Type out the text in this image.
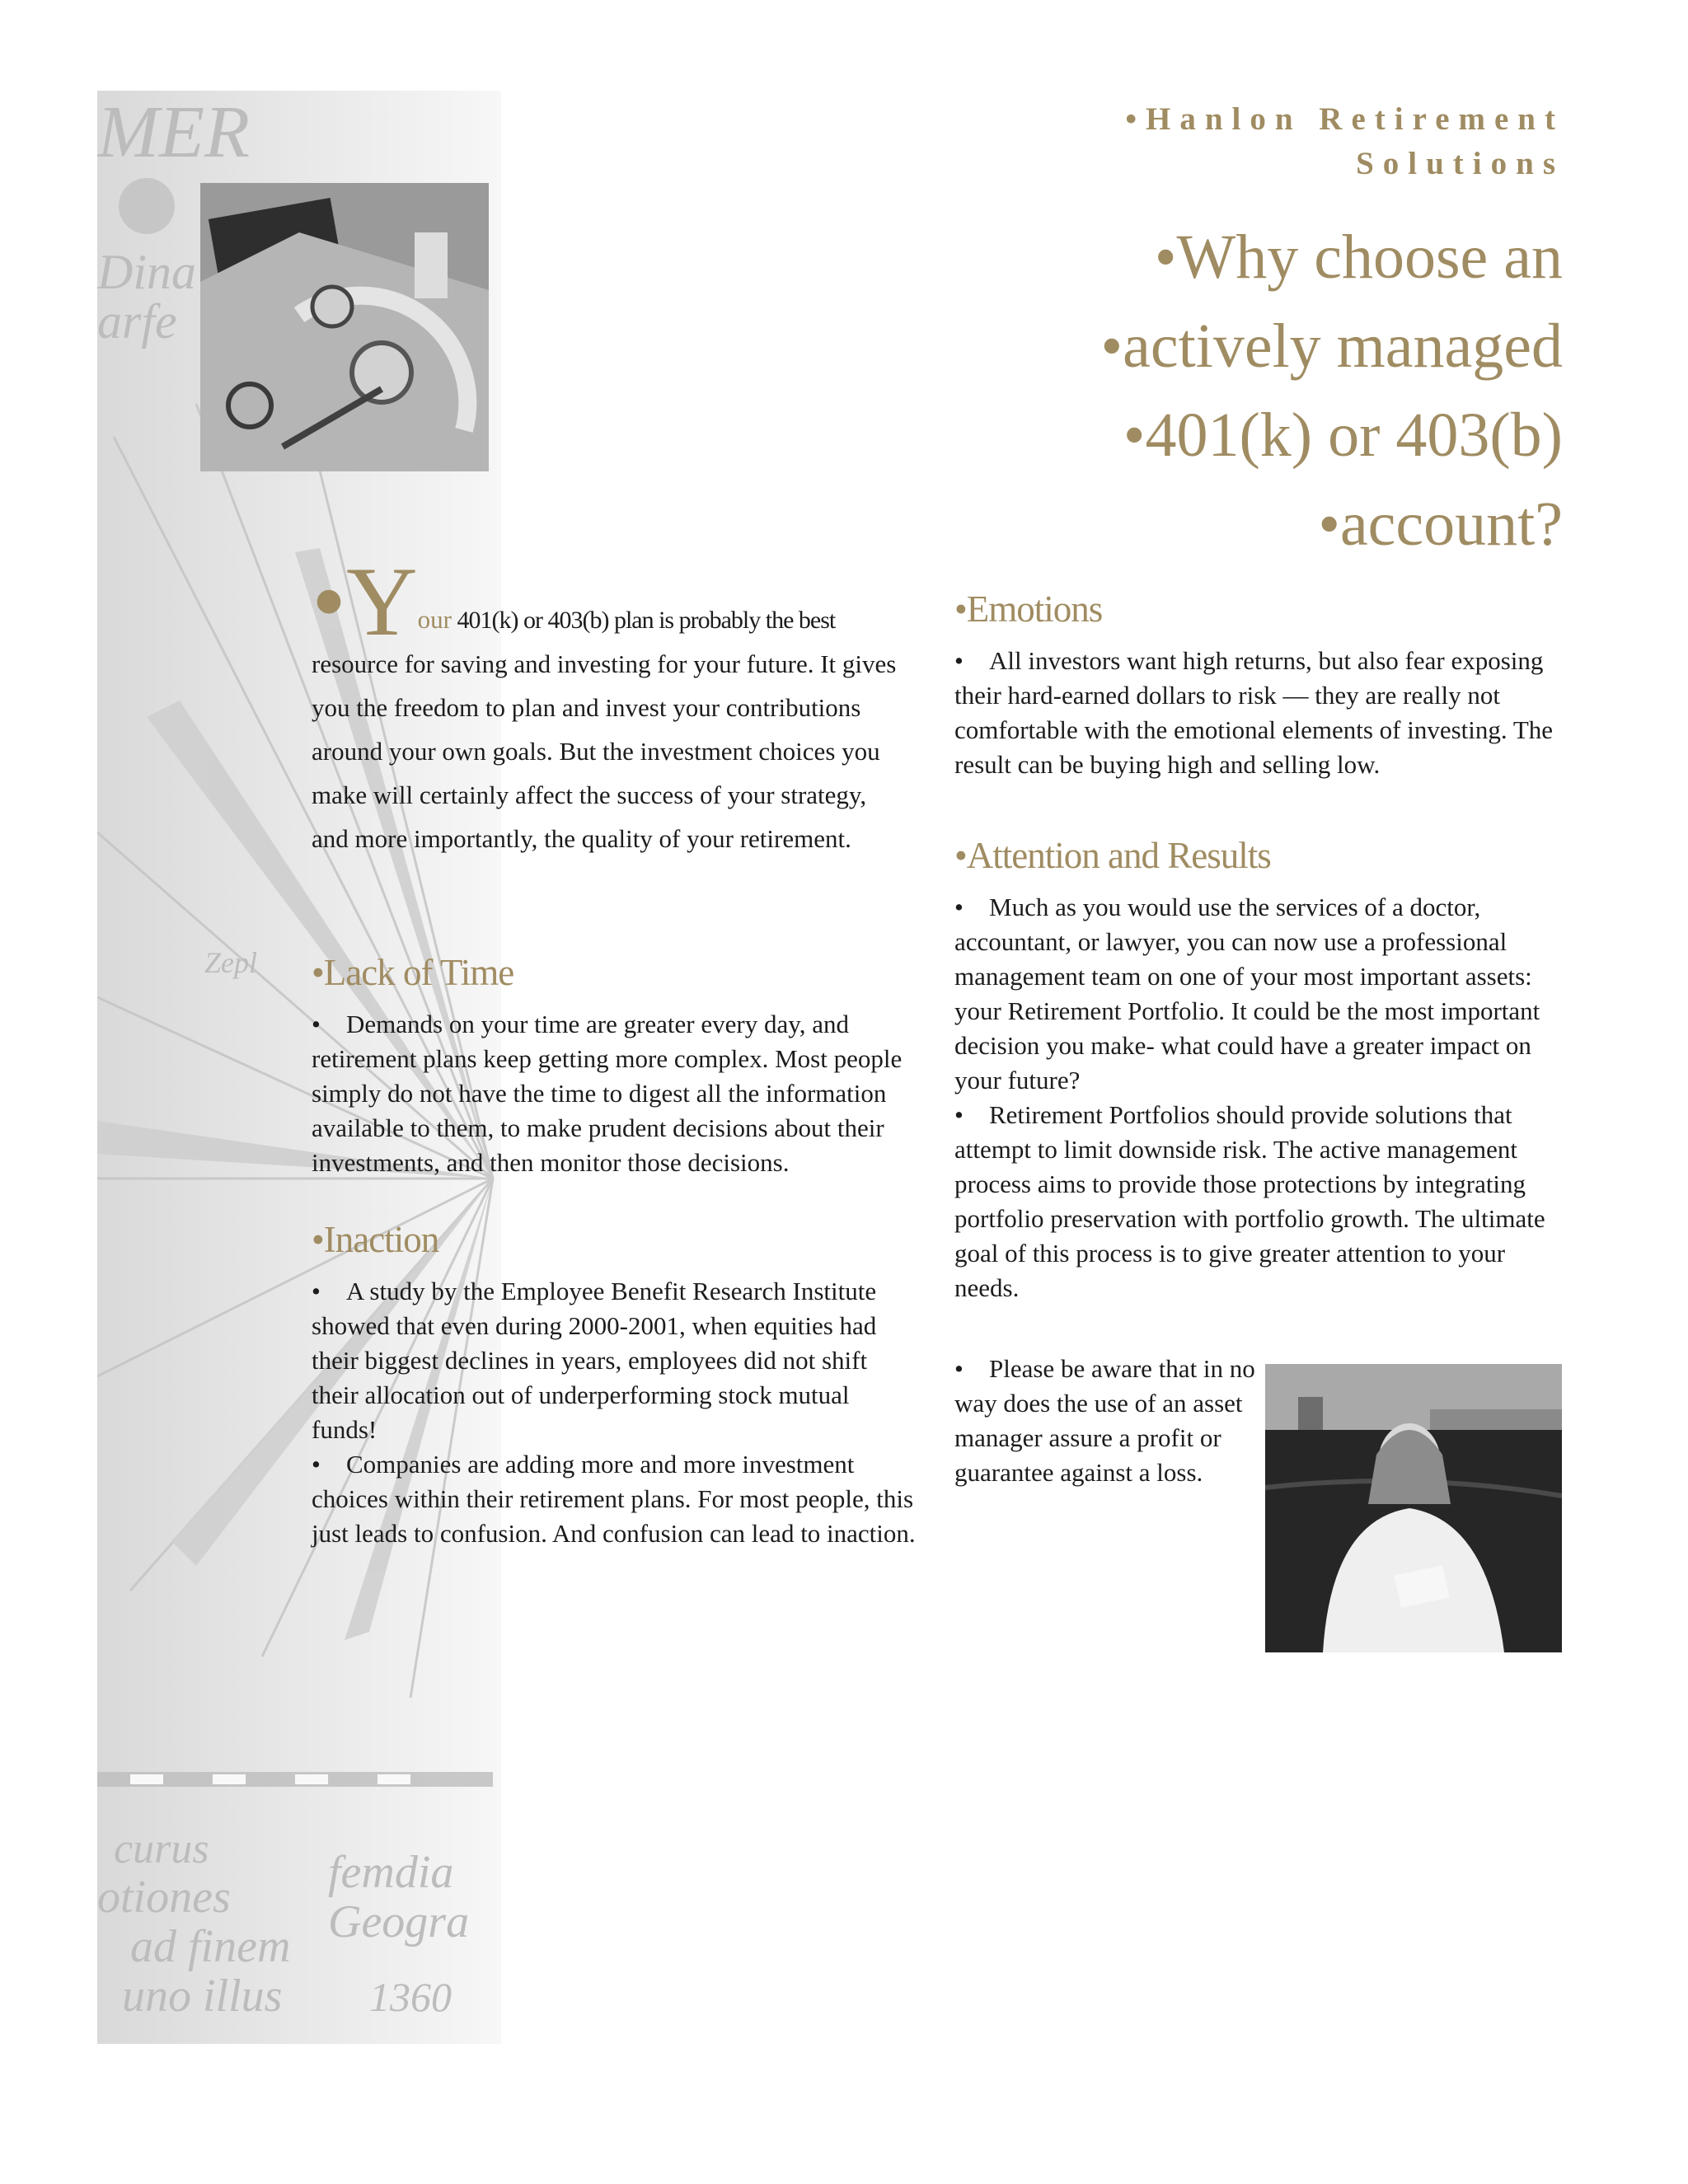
MER
Dina
arfe
Zepl
curus
otiones
ad finem
uno illus
femdia
Geogra
1360
•Hanlon Retirement
Solutions
•Why choose an
•actively managed
•401(k) or 403(b)
•account?
•Your 401(k) or 403(b) plan is probably the best resource for saving and investing for your future. It gives you the freedom to plan and invest your contributions around your own goals. But the investment choices you make will certainly affect the success of your strategy, and more importantly, the quality of your retirement.
•Lack of Time

• Demands on your time are greater every day, and retirement plans keep getting more complex. Most people simply do not have the time to digest all the information available to them, to make prudent decisions about their investments, and then monitor those decisions.

•Inaction

• A study by the Employee Benefit Research Institute showed that even during 2000-2001, when equities had their biggest declines in years, employees did not shift their allocation out of underperforming stock mutual funds!

• Companies are adding more and more investment choices within their retirement plans. For most people, this just leads to confusion. And confusion can lead to inaction.

•Emotions

• All investors want high returns, but also fear exposing their hard-earned dollars to risk — they are really not comfortable with the emotional elements of investing. The result can be buying high and selling low.

•Attention and Results

• Much as you would use the services of a doctor, accountant, or lawyer, you can now use a professional management team on one of your most important assets: your Retirement Portfolio. It could be the most important decision you make- what could have a greater impact on your future?

• Retirement Portfolios should provide solutions that attempt to limit downside risk. The active management process aims to provide those protections by integrating portfolio preservation with portfolio growth. The ultimate goal of this process is to give greater attention to your needs.

• Please be aware that in no way does the use of an asset manager assure a profit or guarantee against a loss.
